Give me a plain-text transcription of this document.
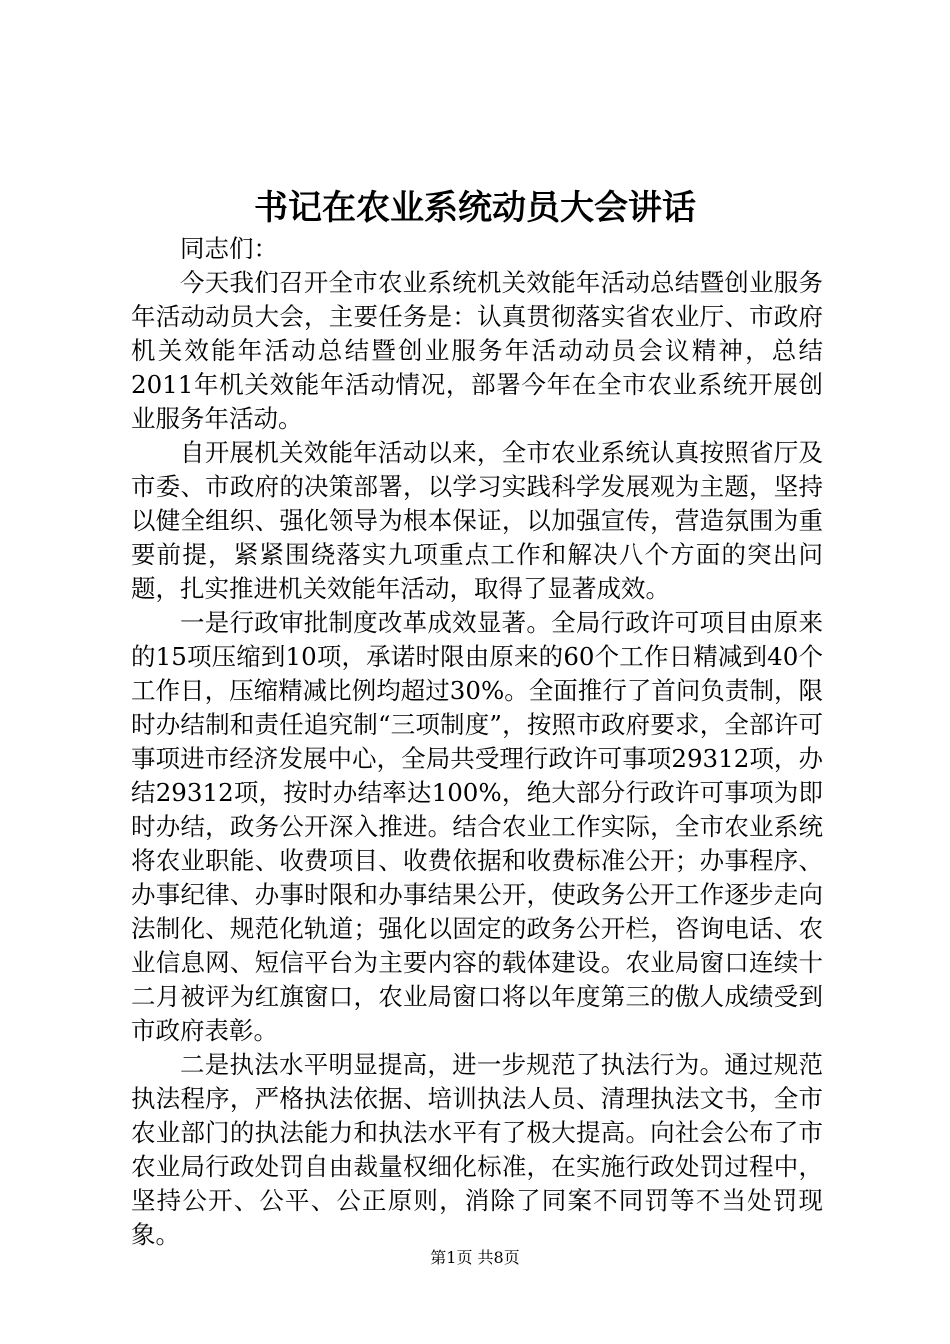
书记在农业系统动员大会讲话

同志们：

今天我们召开全市农业系统机关效能年活动总结暨创业服务年活动动员大会，主要任务是：认真贯彻落实省农业厅、市政府机关效能年活动总结暨创业服务年活动动员会议精神，总结2011年机关效能年活动情况，部署今年在全市农业系统开展创业服务年活动。

自开展机关效能年活动以来，全市农业系统认真按照省厅及市委、市政府的决策部署，以学习实践科学发展观为主题，坚持以健全组织、强化领导为根本保证，以加强宣传，营造氛围为重要前提，紧紧围绕落实九项重点工作和解决八个方面的突出问题，扎实推进机关效能年活动，取得了显著成效。

一是行政审批制度改革成效显著。全局行政许可项目由原来的15项压缩到10项，承诺时限由原来的60个工作日精减到40个工作日，压缩精减比例均超过30%。全面推行了首问负责制，限时办结制和责任追究制“三项制度”，按照市政府要求，全部许可事项进市经济发展中心，全局共受理行政许可事项29312项，办结29312项，按时办结率达100%，绝大部分行政许可事项为即时办结，政务公开深入推进。结合农业工作实际，全市农业系统将农业职能、收费项目、收费依据和收费标准公开；办事程序、办事纪律、办事时限和办事结果公开，使政务公开工作逐步走向法制化、规范化轨道；强化以固定的政务公开栏，咨询电话、农业信息网、短信平台为主要内容的载体建设。农业局窗口连续十二月被评为红旗窗口，农业局窗口将以年度第三的傲人成绩受到市政府表彰。

二是执法水平明显提高，进一步规范了执法行为。通过规范执法程序，严格执法依据、培训执法人员、清理执法文书，全市农业部门的执法能力和执法水平有了极大提高。向社会公布了市农业局行政处罚自由裁量权细化标准，在实施行政处罚过程中，坚持公开、公平、公正原则，消除了同案不同罚等不当处罚现象。

第1页 共8页
